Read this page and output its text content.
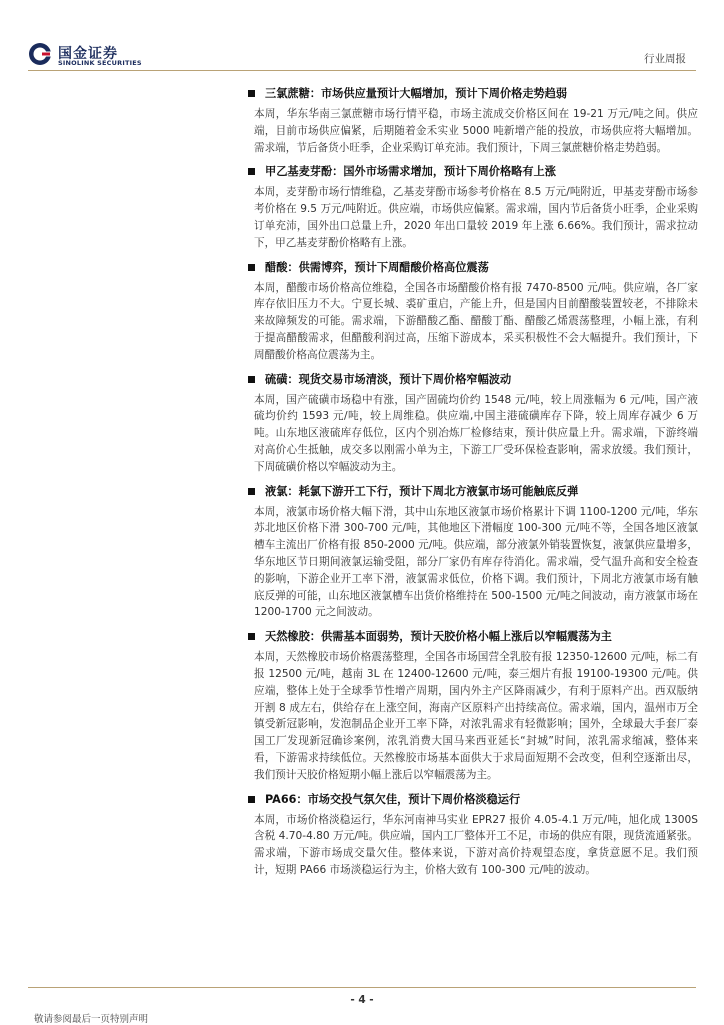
国金证券
SINOLINK SECURITIES	行业周报
三氯蔗糖：市场供应量预计大幅增加，预计下周价格走势趋弱
本周，华东华南三氯蔗糖市场行情平稳，市场主流成交价格区间在 19-21 万元/吨之间。供应端，目前市场供应偏紧，后期随着金禾实业 5000 吨新增产能的投放，市场供应将大幅增加。需求端，节后备货小旺季，企业采购订单充沛。我们预计，下周三氯蔗糖价格走势趋弱。
甲乙基麦芽酚：国外市场需求增加，预计下周价格略有上涨
本周，麦芽酚市场行情维稳，乙基麦芽酚市场参考价格在 8.5 万元/吨附近，甲基麦芽酚市场参考价格在 9.5 万元/吨附近。供应端，市场供应偏紧。需求端，国内节后备货小旺季，企业采购订单充沛，国外出口总量上升，2020 年出口量较 2019 年上涨 6.66%。我们预计，需求拉动下，甲乙基麦芽酚价格略有上涨。
醋酸：供需博弈，预计下周醋酸价格高位震荡
本周，醋酸市场价格高位维稳，全国各市场醋酸价格有报 7470-8500 元/吨。供应端，各厂家库存依旧压力不大。宁夏长城、裘矿重启，产能上升，但是国内目前醋酸装置较老，不排除未来故障频发的可能。需求端，下游醋酸乙酯、醋酸丁酯、醋酸乙烯震荡整理，小幅上涨，有利于提高醋酸需求，但醋酸利润过高，压缩下游成本，采买积极性不会大幅提升。我们预计，下周醋酸价格高位震荡为主。
硫磺：现货交易市场清淡，预计下周价格窄幅波动
本周，国产硫磺市场稳中有涨，国产固硫均价约 1548 元/吨，较上周涨幅为 6 元/吨，国产液硫均价约 1593 元/吨，较上周维稳。供应端,中国主港硫磺库存下降，较上周库存减少 6 万吨。山东地区液硫库存低位，区内个别冶炼厂检修结束，预计供应量上升。需求端，下游终端对高价心生抵触，成交多以刚需小单为主，下游工厂受环保检查影响，需求放缓。我们预计，下周硫磺价格以窄幅波动为主。
液氯：耗氯下游开工下行，预计下周北方液氯市场可能触底反弹
本周，液氯市场价格大幅下滑，其中山东地区液氯市场价格累计下调 1100-1200 元/吨，华东苏北地区价格下滑 300-700 元/吨，其他地区下滑幅度 100-300 元/吨不等，全国各地区液氯槽车主流出厂价格有报 850-2000 元/吨。供应端，部分液氯外销装置恢复，液氯供应量增多，华东地区节日期间液氯运输受阻，部分厂家仍有库存待消化。需求端，受气温升高和安全检查的影响，下游企业开工率下滑，液氯需求低位，价格下调。我们预计，下周北方液氯市场有触底反弹的可能，山东地区液氯槽车出货价格维持在 500-1500 元/吨之间波动，南方液氯市场在 1200-1700 元之间波动。
天然橡胶：供需基本面弱势，预计天胶价格小幅上涨后以窄幅震荡为主
本周，天然橡胶市场价格震荡整理，全国各市场国营全乳胶有报 12350-12600 元/吨，标二有报 12500 元/吨，越南 3L 在 12400-12600 元/吨，泰三烟片有报 19100-19300 元/吨。供应端，整体上处于全球季节性增产周期，国内外主产区降雨减少，有利于原料产出。西双版纳开割 8 成左右，供给存在上涨空间，海南产区原料产出持续高位。需求端，国内，温州市万全镇受新冠影响，发泡制品企业开工率下降，对浓乳需求有轻微影响；国外，全球最大手套厂泰国工厂发现新冠确诊案例，浓乳消费大国马来西亚延长“封城”时间，浓乳需求缩减，整体来看，下游需求持续低位。天然橡胶市场基本面供大于求局面短期不会改变，但利空逐渐出尽，我们预计天胶价格短期小幅上涨后以窄幅震荡为主。
PA66：市场交投气氛欠佳，预计下周价格淡稳运行
本周，市场价格淡稳运行，华东河南神马实业 EPR27 报价 4.05-4.1 万元/吨，旭化成 1300S 含税 4.70-4.80 万元/吨。供应端，国内工厂整体开工不足，市场的供应有限，现货流通紧张。需求端，下游市场成交量欠佳。整体来说，下游对高价持观望态度，拿货意愿不足。我们预计，短期 PA66 市场淡稳运行为主，价格大致有 100-300 元/吨的波动。
- 4 -
敬请参阅最后一页特别声明
